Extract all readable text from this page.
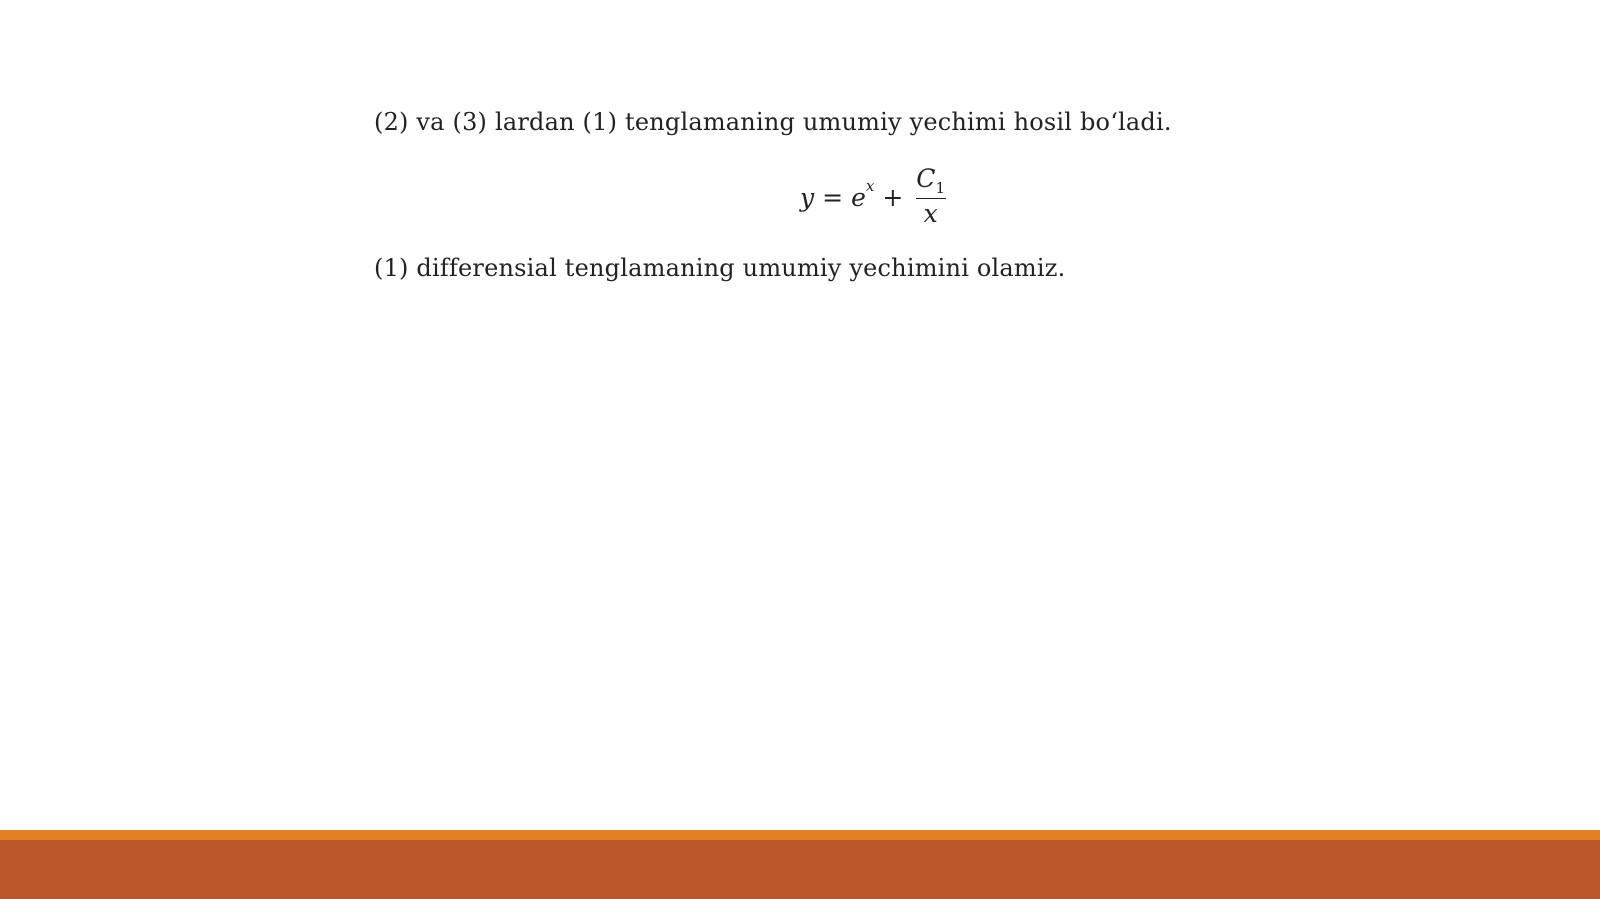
(2) va (3) lardan (1) tenglamaning umumiy yechimi hosil bo‘ladi.
y = e $x + \frac{C_1}{x}$
(1) differensial tenglamaning umumiy yechimini olamiz.
